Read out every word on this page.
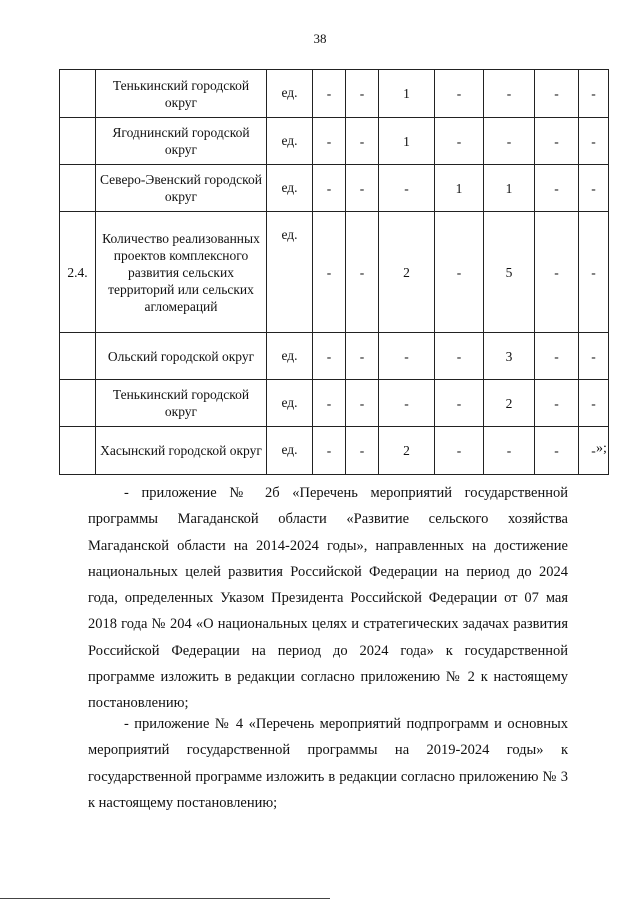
38
	Тенькинский городской округ	ед.	-	-	1	-	-	-	-
	Ягоднинский городской округ	ед.	-	-	1	-	-	-	-
	Северо-Эвенский городской округ	ед.	-	-	-	1	1	-	-
2.4.	Количество реализованных проектов комплексного развития сельских территорий или сельских агломераций	ед.	-	-	2	-	5	-	-
	Ольский городской округ	ед.	-	-	-	-	3	-	-
	Тенькинский городской округ	ед.	-	-	-	-	2	-	-
	Хасынский городской округ	ед.	-	-	2	-	-	-	- »;

- приложение № 2б «Перечень мероприятий государственной программы Магаданской области «Развитие сельского хозяйства Магаданской области на 2014-2024 годы», направленных на достижение национальных целей развития Российской Федерации на период до 2024 года, определенных Указом Президента Российской Федерации от 07 мая 2018 года № 204 «О национальных целях и стратегических задачах развития Российской Федерации на период до 2024 года» к государственной программе изложить в редакции согласно приложению № 2 к настоящему постановлению;

- приложение № 4 «Перечень мероприятий подпрограмм и основных мероприятий государственной программы на 2019-2024 годы» к государственной программе изложить в редакции согласно приложению № 3 к настоящему постановлению;
